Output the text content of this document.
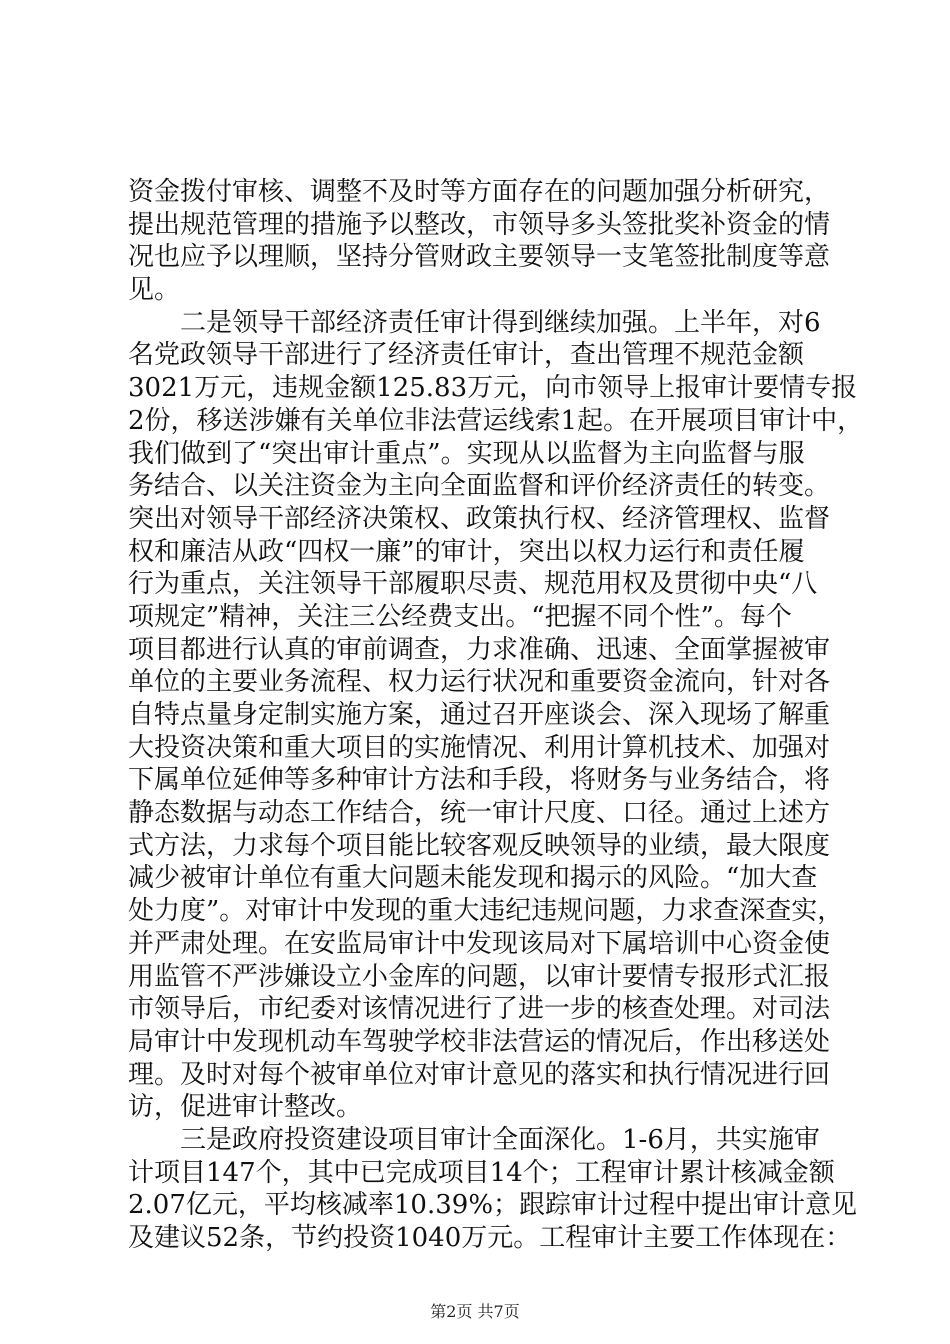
资金拨付审核、调整不及时等方面存在的问题加强分析研究，
提出规范管理的措施予以整改，市领导多头签批奖补资金的情
况也应予以理顺，坚持分管财政主要领导一支笔签批制度等意
见。
二是领导干部经济责任审计得到继续加强。上半年，对6
名党政领导干部进行了经济责任审计，查出管理不规范金额
3021万元，违规金额125.83万元，向市领导上报审计要情专报
2份，移送涉嫌有关单位非法营运线索1起。在开展项目审计中，
我们做到了“突出审计重点”。实现从以监督为主向监督与服
务结合、以关注资金为主向全面监督和评价经济责任的转变。
突出对领导干部经济决策权、政策执行权、经济管理权、监督
权和廉洁从政“四权一廉”的审计，突出以权力运行和责任履
行为重点，关注领导干部履职尽责、规范用权及贯彻中央“八
项规定”精神，关注三公经费支出。“把握不同个性”。每个
项目都进行认真的审前调查，力求准确、迅速、全面掌握被审
单位的主要业务流程、权力运行状况和重要资金流向，针对各
自特点量身定制实施方案，通过召开座谈会、深入现场了解重
大投资决策和重大项目的实施情况、利用计算机技术、加强对
下属单位延伸等多种审计方法和手段，将财务与业务结合，将
静态数据与动态工作结合，统一审计尺度、口径。通过上述方
式方法，力求每个项目能比较客观反映领导的业绩，最大限度
减少被审计单位有重大问题未能发现和揭示的风险。“加大查
处力度”。对审计中发现的重大违纪违规问题，力求查深查实，
并严肃处理。在安监局审计中发现该局对下属培训中心资金使
用监管不严涉嫌设立小金库的问题，以审计要情专报形式汇报
市领导后，市纪委对该情况进行了进一步的核查处理。对司法
局审计中发现机动车驾驶学校非法营运的情况后，作出移送处
理。及时对每个被审单位对审计意见的落实和执行情况进行回
访，促进审计整改。
三是政府投资建设项目审计全面深化。1-6月，共实施审
计项目147个，其中已完成项目14个；工程审计累计核减金额
2.07亿元，平均核减率10.39%；跟踪审计过程中提出审计意见
及建议52条，节约投资1040万元。工程审计主要工作体现在：
第2页 共7页
